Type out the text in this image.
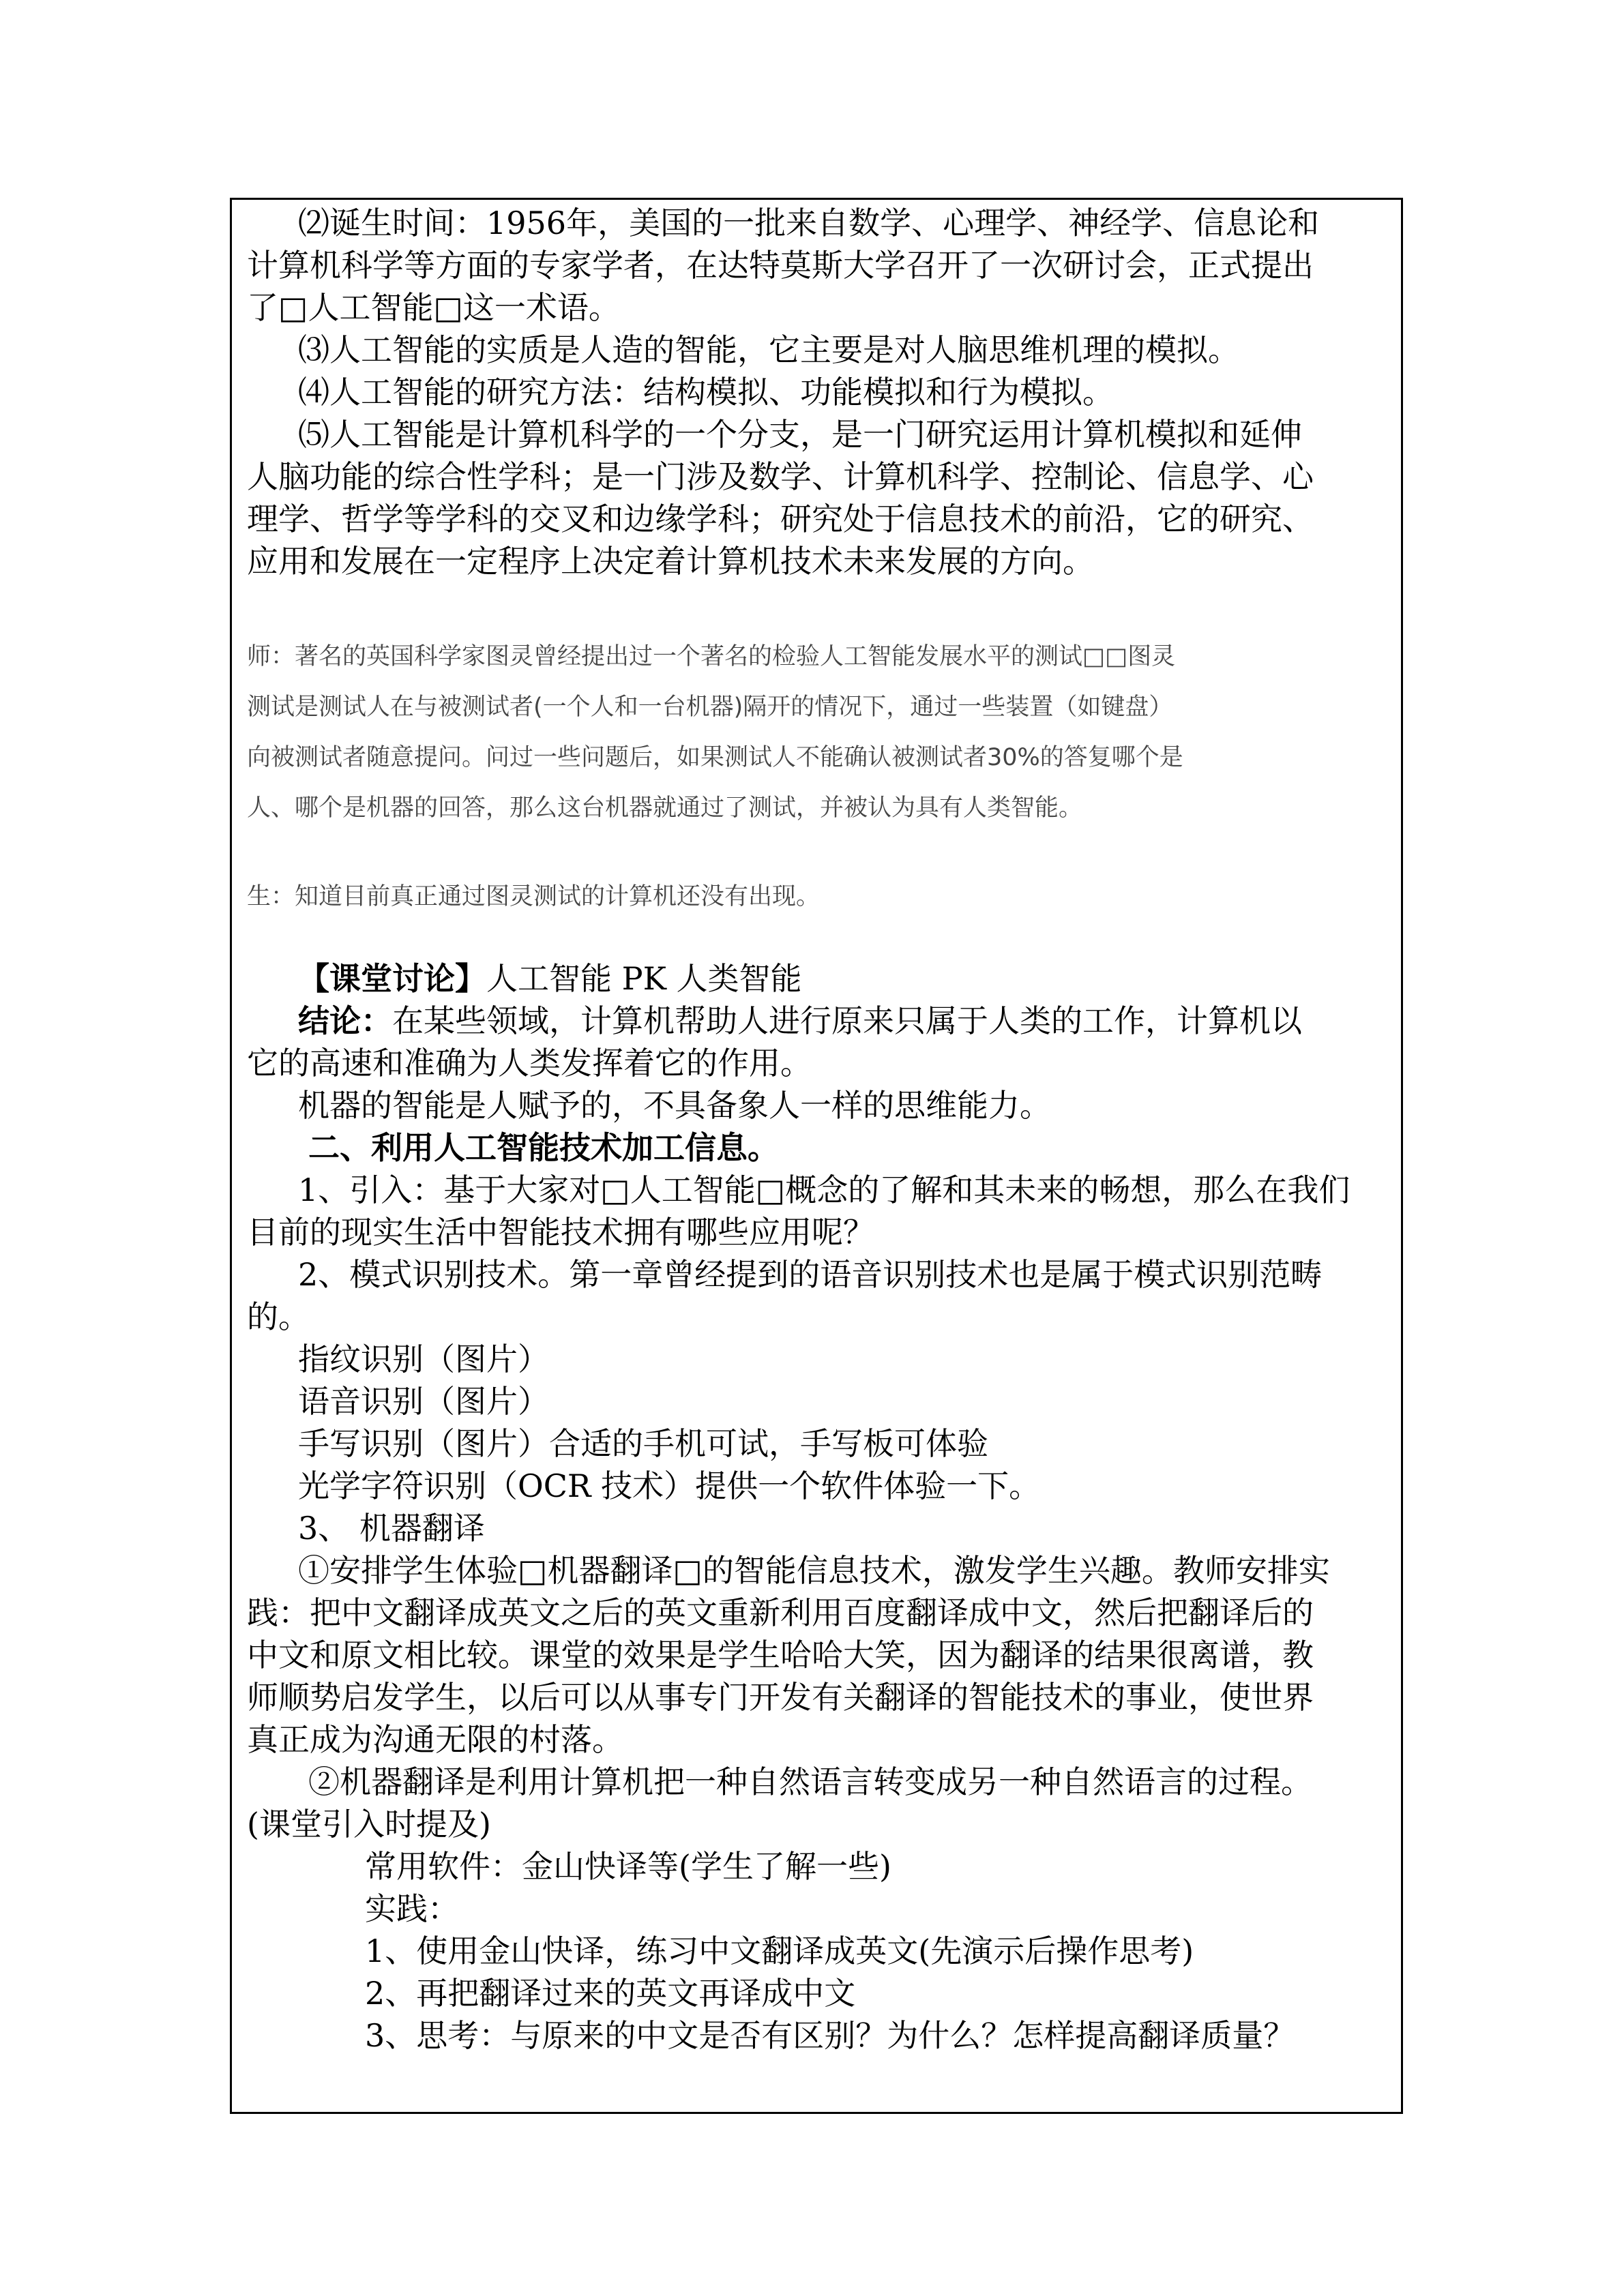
⑵诞生时间：1956年，美国的一批来自数学、心理学、神经学、信息论和
计算机科学等方面的专家学者，在达特莫斯大学召开了一次研讨会，正式提出
了□人工智能□这一术语。
⑶人工智能的实质是人造的智能，它主要是对人脑思维机理的模拟。
⑷人工智能的研究方法：结构模拟、功能模拟和行为模拟。
⑸人工智能是计算机科学的一个分支，是一门研究运用计算机模拟和延伸
人脑功能的综合性学科；是一门涉及数学、计算机科学、控制论、信息学、心
理学、哲学等学科的交叉和边缘学科；研究处于信息技术的前沿，它的研究、
应用和发展在一定程序上决定着计算机技术未来发展的方向。
师：著名的英国科学家图灵曾经提出过一个著名的检验人工智能发展水平的测试□□图灵
测试是测试人在与被测试者(一个人和一台机器)隔开的情况下，通过一些装置（如键盘）
向被测试者随意提问。问过一些问题后，如果测试人不能确认被测试者30%的答复哪个是
人、哪个是机器的回答，那么这台机器就通过了测试，并被认为具有人类智能。
生：知道目前真正通过图灵测试的计算机还没有出现。
【课堂讨论】人工智能 PK 人类智能
结论：在某些领域，计算机帮助人进行原来只属于人类的工作，计算机以
它的高速和准确为人类发挥着它的作用。
机器的智能是人赋予的，不具备象人一样的思维能力。
二、利用人工智能技术加工信息。
1、引入：基于大家对□人工智能□概念的了解和其未来的畅想，那么在我们
目前的现实生活中智能技术拥有哪些应用呢？
2、模式识别技术。第一章曾经提到的语音识别技术也是属于模式识别范畴
的。
指纹识别（图片）
语音识别（图片）
手写识别（图片）合适的手机可试，手写板可体验
光学字符识别（OCR 技术）提供一个软件体验一下。
3、 机器翻译
①安排学生体验□机器翻译□的智能信息技术，激发学生兴趣。教师安排实
践：把中文翻译成英文之后的英文重新利用百度翻译成中文，然后把翻译后的
中文和原文相比较。课堂的效果是学生哈哈大笑，因为翻译的结果很离谱，教
师顺势启发学生，以后可以从事专门开发有关翻译的智能技术的事业，使世界
真正成为沟通无限的村落。
②机器翻译是利用计算机把一种自然语言转变成另一种自然语言的过程。
(课堂引入时提及)
常用软件：金山快译等(学生了解一些)
实践：
1、使用金山快译，练习中文翻译成英文(先演示后操作思考)
2、再把翻译过来的英文再译成中文
3、思考：与原来的中文是否有区别？为什么？怎样提高翻译质量？
